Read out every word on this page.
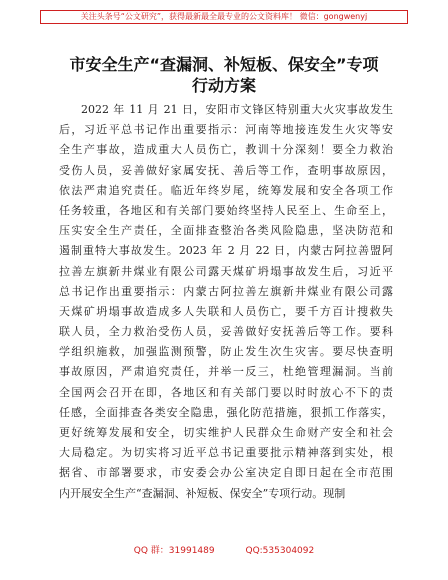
关注头条号“公文研究”，获得最新最全最专业的公文资料库！ 微信：gongwenyj
市安全生产“查漏洞、补短板、保安全”专项
行动方案
2022 年 11 月 21 日，安阳市文锋区特别重大火灾事故发生
后，习近平总书记作出重要指示：河南等地接连发生火灾等安
全生产事故，造成重大人员伤亡，教训十分深刻！要全力救治
受伤人员，妥善做好家属安抚、善后等工作，查明事故原因，
依法严肃追究责任。临近年终岁尾，统筹发展和安全各项工作
任务较重，各地区和有关部门要始终坚持人民至上、生命至上，
压实安全生产责任，全面排查整治各类风险隐患，坚决防范和
遏制重特大事故发生。2023 年 2 月 22 日，内蒙古阿拉善盟阿
拉善左旗新井煤业有限公司露天煤矿坍塌事故发生后，习近平
总书记作出重要指示：内蒙古阿拉善左旗新井煤业有限公司露
天煤矿坍塌事故造成多人失联和人员伤亡，要千方百计搜救失
联人员，全力救治受伤人员，妥善做好安抚善后等工作。要科
学组织施救，加强监测预警，防止发生次生灾害。要尽快查明
事故原因，严肃追究责任，并举一反三，杜绝管理漏洞。当前
全国两会召开在即，各地区和有关部门要以时时放心不下的责
任感，全面排查各类安全隐患，强化防范措施，狠抓工作落实，
更好统筹发展和安全，切实维护人民群众生命财产安全和社会
大局稳定。为切实将习近平总书记重要批示精神落到实处，根
据省、市部署要求，市安委会办公室决定自即日起在全市范围
内开展安全生产“查漏洞、补短板、保安全”专项行动。现制
QQ 群：31991489	QQ:535304092
